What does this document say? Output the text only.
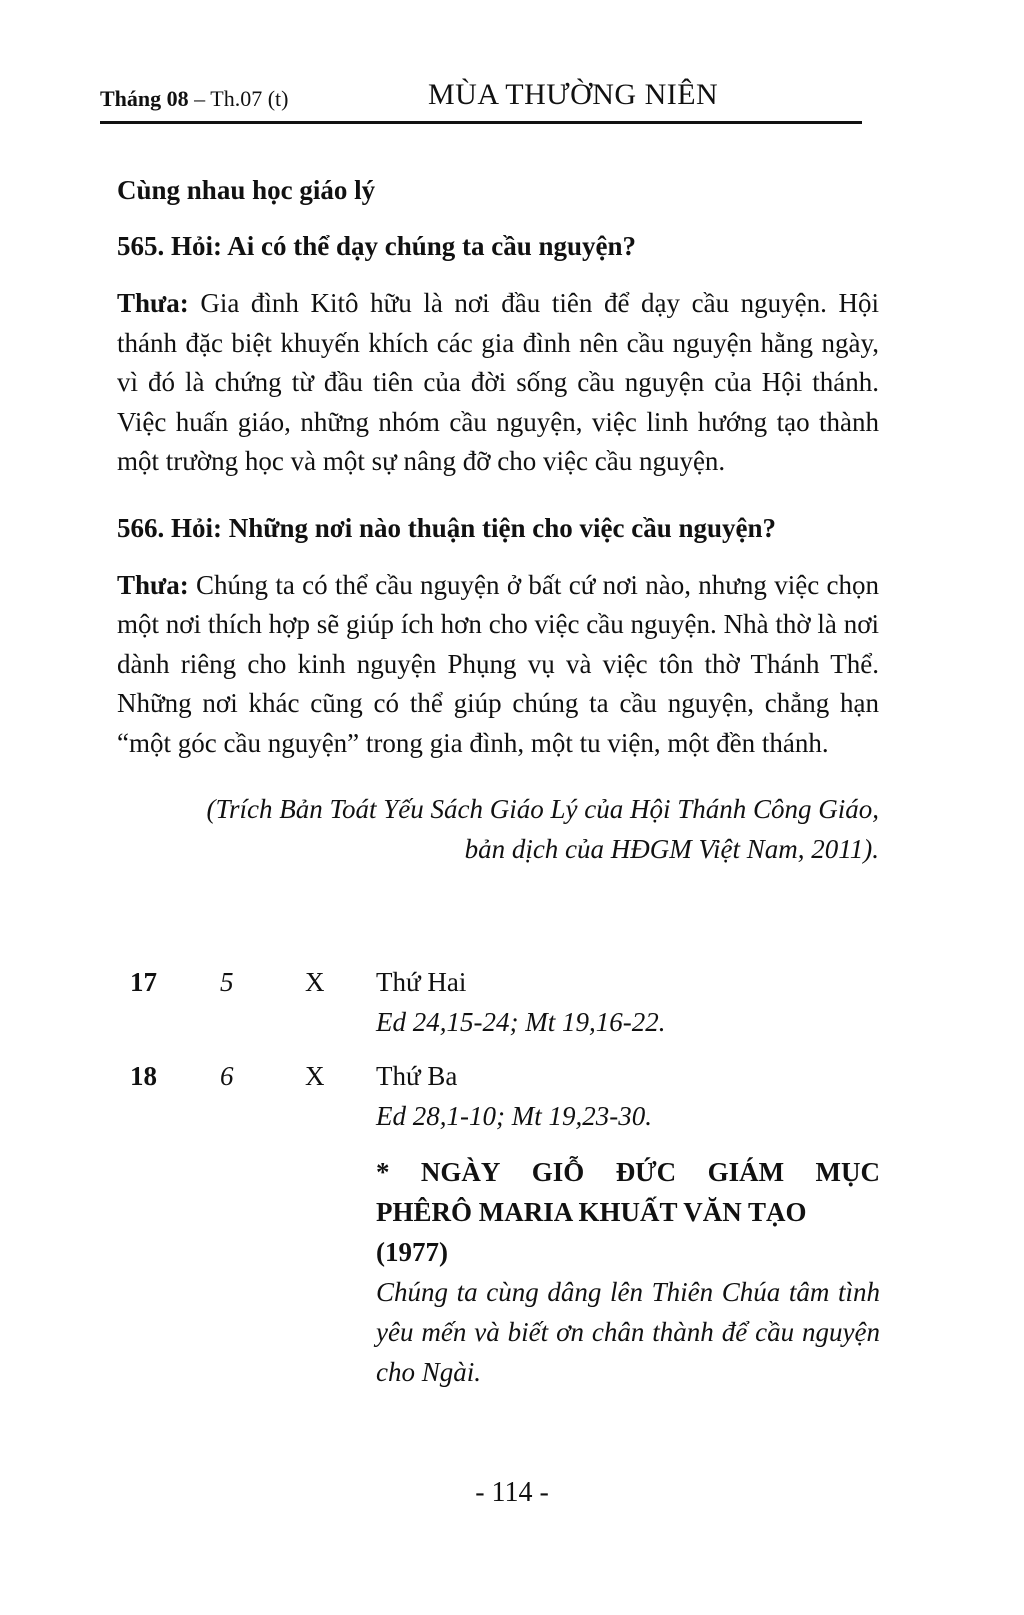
Tháng 08 – Th.07 (t)	MÙA THƯỜNG NIÊN
Cùng nhau học giáo lý
565. Hỏi: Ai có thể dạy chúng ta cầu nguyện?
Thưa: Gia đình Kitô hữu là nơi đầu tiên để dạy cầu nguyện. Hội thánh đặc biệt khuyến khích các gia đình nên cầu nguyện hằng ngày, vì đó là chứng từ đầu tiên của đời sống cầu nguyện của Hội thánh. Việc huấn giáo, những nhóm cầu nguyện, việc linh hướng tạo thành một trường học và một sự nâng đỡ cho việc cầu nguyện.
566. Hỏi: Những nơi nào thuận tiện cho việc cầu nguyện?
Thưa: Chúng ta có thể cầu nguyện ở bất cứ nơi nào, nhưng việc chọn một nơi thích hợp sẽ giúp ích hơn cho việc cầu nguyện. Nhà thờ là nơi dành riêng cho kinh nguyện Phụng vụ và việc tôn thờ Thánh Thể. Những nơi khác cũng có thể giúp chúng ta cầu nguyện, chẳng hạn “một góc cầu nguyện” trong gia đình, một tu viện, một đền thánh.
(Trích Bản Toát Yếu Sách Giáo Lý của Hội Thánh Công Giáo,
bản dịch của HĐGM Việt Nam, 2011).
17 5	X Thứ Hai
Ed 24,15-24; Mt 19,16-22.
18 6	X Thứ Ba
Ed 28,1-10; Mt 19,23-30.
* NGÀY GIỖ ĐỨC GIÁM MỤC
PHÊRÔ MARIA KHUẤT VĂN TẠO
(1977)
Chúng ta cùng dâng lên Thiên Chúa tâm tình yêu mến và biết ơn chân thành để cầu nguyện cho Ngài.
- 114 -
